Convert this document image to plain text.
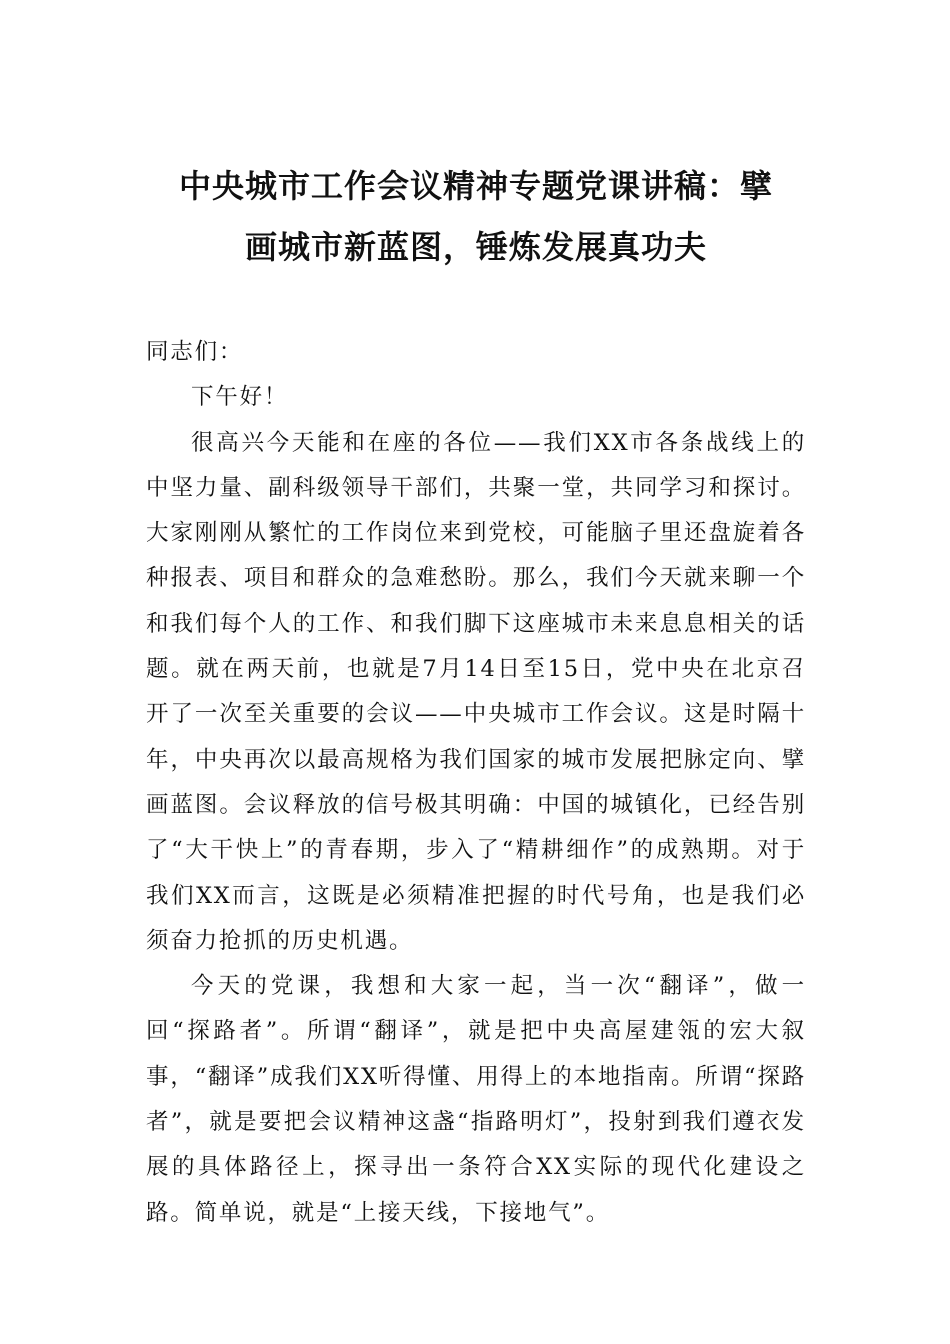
中央城市工作会议精神专题党课讲稿：擘
画城市新蓝图，锤炼发展真功夫

同志们：

下午好！

很高兴今天能和在座的各位——我们XX市各条战线上的中坚力量、副科级领导干部们，共聚一堂，共同学习和探讨。大家刚刚从繁忙的工作岗位来到党校，可能脑子里还盘旋着各种报表、项目和群众的急难愁盼。那么，我们今天就来聊一个和我们每个人的工作、和我们脚下这座城市未来息息相关的话题。就在两天前，也就是7月14日至15日，党中央在北京召开了一次至关重要的会议——中央城市工作会议。这是时隔十年，中央再次以最高规格为我们国家的城市发展把脉定向、擘画蓝图。会议释放的信号极其明确：中国的城镇化，已经告别了“大干快上”的青春期，步入了“精耕细作”的成熟期。对于我们XX而言，这既是必须精准把握的时代号角，也是我们必须奋力抢抓的历史机遇。

今天的党课，我想和大家一起，当一次“翻译”，做一回“探路者”。所谓“翻译”，就是把中央高屋建瓴的宏大叙事，“翻译”成我们XX听得懂、用得上的本地指南。所谓“探路者”，就是要把会议精神这盏“指路明灯”，投射到我们遵衣发展的具体路径上，探寻出一条符合XX实际的现代化建设之路。简单说，就是“上接天线，下接地气”。
